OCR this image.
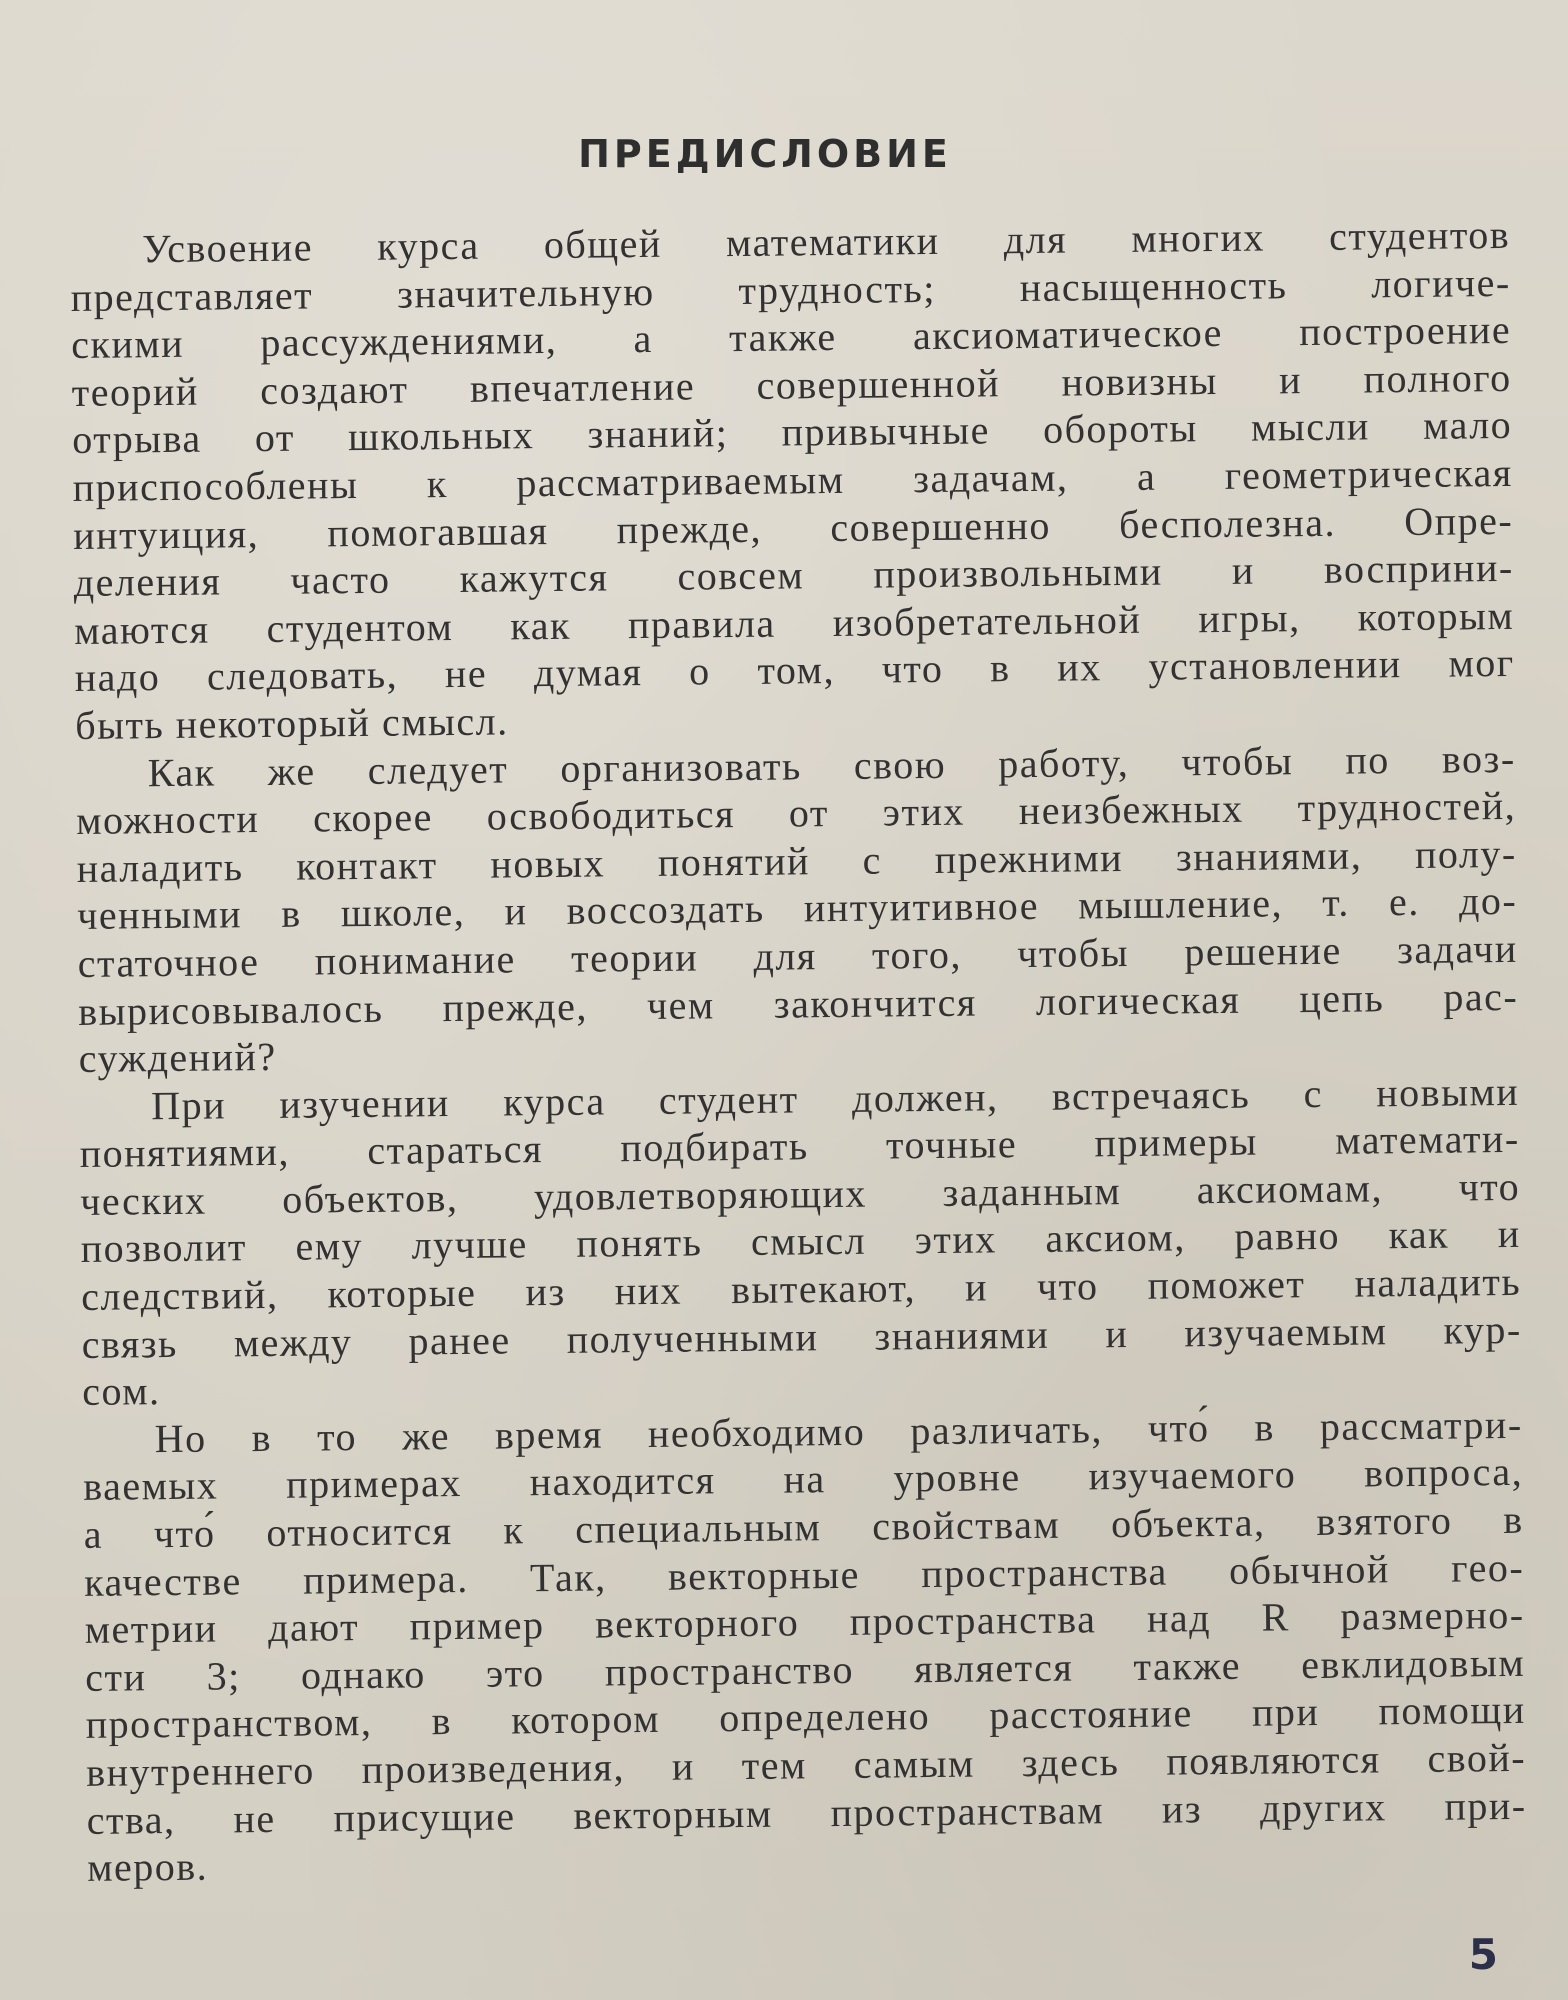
ПРЕДИСЛОВИЕ

Усвоение курса общей математики для многих студентов
представляет значительную трудность; насыщенность логиче-
скими рассуждениями, а также аксиоматическое построение
теорий создают впечатление совершенной новизны и полного
отрыва от школьных знаний; привычные обороты мысли мало
приспособлены к рассматриваемым задачам, а геометрическая
интуиция, помогавшая прежде, совершенно бесполезна. Опре-
деления часто кажутся совсем произвольными и восприни-
маются студентом как правила изобретательной игры, которым
надо следовать, не думая о том, что в их установлении мог
быть некоторый смысл.

Как же следует организовать свою работу, чтобы по воз-
можности скорее освободиться от этих неизбежных трудностей,
наладить контакт новых понятий с прежними знаниями, полу-
ченными в школе, и воссоздать интуитивное мышление, т. е. до-
статочное понимание теории для того, чтобы решение задачи
вырисовывалось прежде, чем закончится логическая цепь рас-
суждений?

При изучении курса студент должен, встречаясь с новыми
понятиями, стараться подбирать точные примеры математи-
ческих объектов, удовлетворяющих заданным аксиомам, что
позволит ему лучше понять смысл этих аксиом, равно как и
следствий, которые из них вытекают, и что поможет наладить
связь между ранее полученными знаниями и изучаемым кур-
сом.

Но в то же время необходимо различать, что́ в рассматри-
ваемых примерах находится на уровне изучаемого вопроса,
а что́ относится к специальным свойствам объекта, взятого в
качестве примера. Так, векторные пространства обычной гео-
метрии дают пример векторного пространства над R размерно-
сти 3; однако это пространство является также евклидовым
пространством, в котором определено расстояние при помощи
внутреннего произведения, и тем самым здесь появляются свой-
ства, не присущие векторным пространствам из других при-
меров.

5
